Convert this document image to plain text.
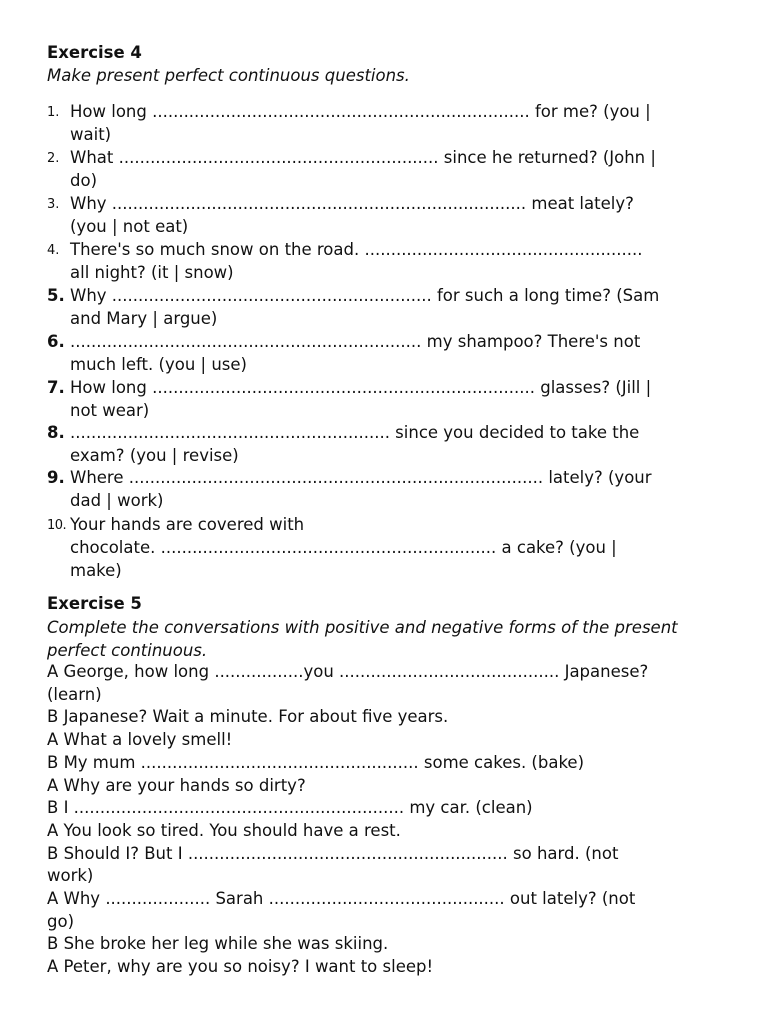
Exercise 4

Make present perfect continuous questions.

1. How long ........................................................................ for me? (you |
wait)
2. What ............................................................. since he returned? (John |
do)
3. Why ............................................................................... meat lately?
(you | not eat)
4. There's so much snow on the road. .....................................................
all night? (it | snow)
5. Why ............................................................. for such a long time? (Sam
and Mary | argue)
6. ................................................................... my shampoo? There's not
much left. (you | use)
7. How long ......................................................................... glasses? (Jill |
not wear)
8. ............................................................. since you decided to take the
exam? (you | revise)
9. Where ............................................................................... lately? (your
dad | work)
10. Your hands are covered with
chocolate. ................................................................ a cake? (you |
make)
Exercise 5

Complete the conversations with positive and negative forms of the present perfect continuous.

A George, how long .................you .......................................... Japanese?
(learn)

B Japanese? Wait a minute. For about five years.

A What a lovely smell!

B My mum ..................................................... some cakes. (bake)

A Why are your hands so dirty?

B I ............................................................... my car. (clean)

A You look so tired. You should have a rest.

B Should I? But I ............................................................. so hard. (not
work)

A Why .................... Sarah ............................................. out lately? (not
go)

B She broke her leg while she was skiing.

A Peter, why are you so noisy? I want to sleep!
